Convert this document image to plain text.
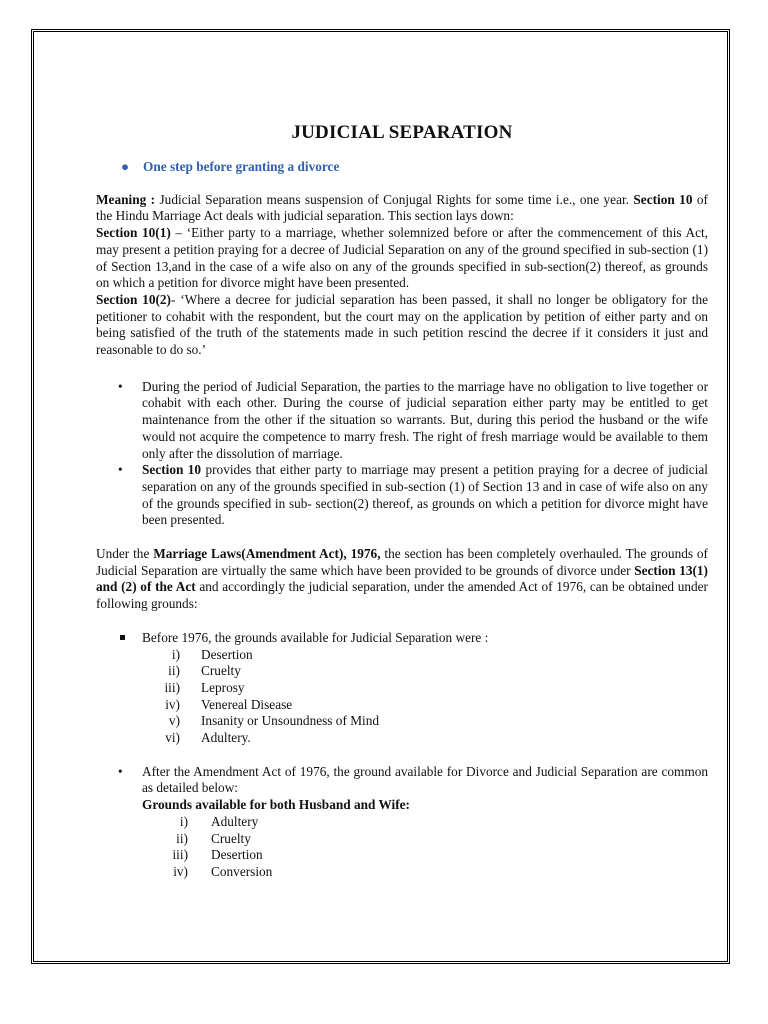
JUDICIAL SEPARATION
● One step before granting a divorce

Meaning : Judicial Separation means suspension of Conjugal Rights for some time i.e., one year. Section 10 of the Hindu Marriage Act deals with judicial separation. This section lays down:

Section 10(1) – ‘Either party to a marriage, whether solemnized before or after the commencement of this Act, may present a petition praying for a decree of Judicial Separation on any of the ground specified in sub-section (1) of Section 13,and in the case of a wife also on any of the grounds specified in sub-section(2) thereof, as grounds on which a petition for divorce might have been presented.

Section 10(2)- ‘Where a decree for judicial separation has been passed, it shall no longer be obligatory for the petitioner to cohabit with the respondent, but the court may on the application by petition of either party and on being satisfied of the truth of the statements made in such petition rescind the decree if it considers it just and reasonable to do so.’

• During the period of Judicial Separation, the parties to the marriage have no obligation to live together or cohabit with each other. During the course of judicial separation either party may be entitled to get maintenance from the other if the situation so warrants. But, during this period the husband or the wife would not acquire the competence to marry fresh. The right of fresh marriage would be available to them only after the dissolution of marriage.
• Section 10 provides that either party to marriage may present a petition praying for a decree of judicial separation on any of the grounds specified in sub-section (1) of Section 13 and in case of wife also on any of the grounds specified in sub- section(2) thereof, as grounds on which a petition for divorce might have been presented.

Under the Marriage Laws(Amendment Act), 1976, the section has been completely overhauled. The grounds of Judicial Separation are virtually the same which have been provided to be grounds of divorce under Section 13(1) and (2) of the Act and accordingly the judicial separation, under the amended Act of 1976, can be obtained under following grounds:

Before 1976, the grounds available for Judicial Separation were :
i) Desertion
ii) Cruelty
iii) Leprosy
iv) Venereal Disease
v) Insanity or Unsoundness of Mind
vi) Adultery.
• After the Amendment Act of 1976, the ground available for Divorce and Judicial Separation are common as detailed below:
Grounds available for both Husband and Wife:
i) Adultery
ii) Cruelty
iii) Desertion
iv) Conversion
